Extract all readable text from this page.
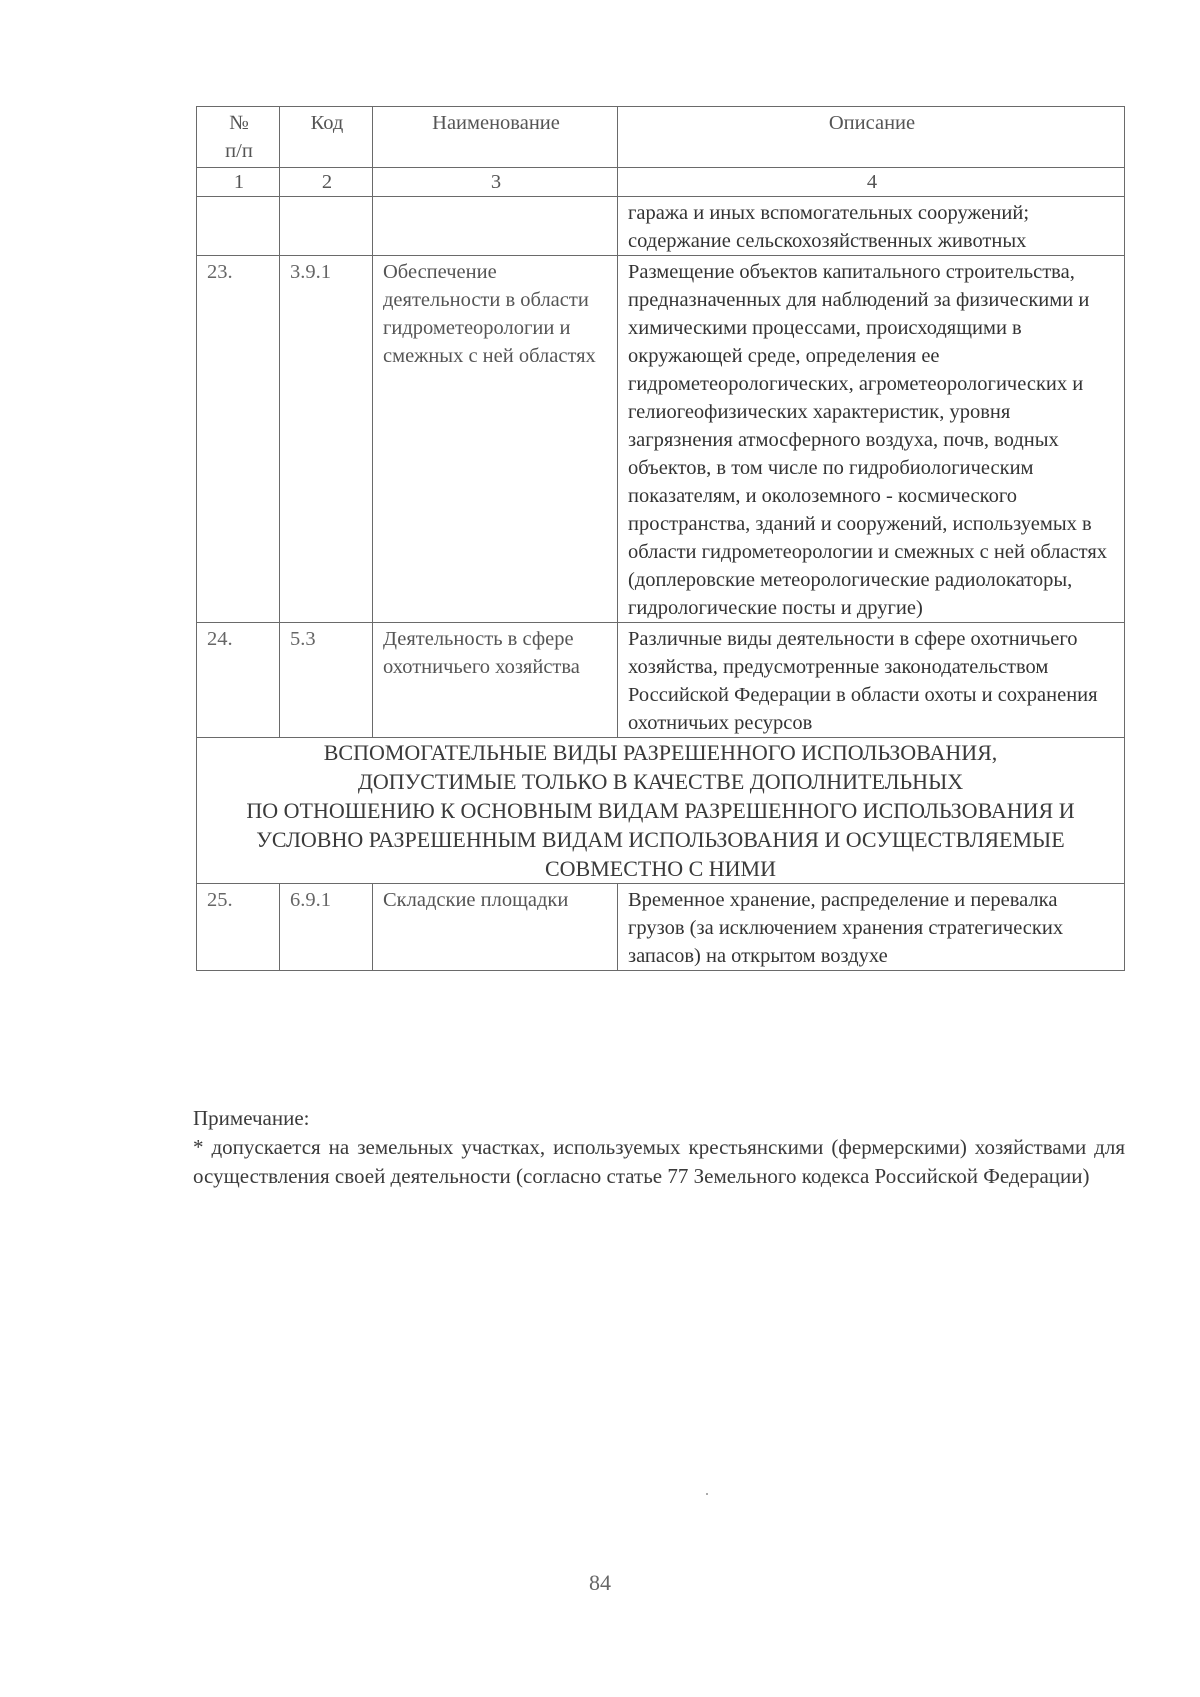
№
п/п	Код	Наименование	Описание
1	2	3	4
			гаража и иных вспомогательных сооружений; содержание сельскохозяйственных животных
23.	3.9.1	Обеспечение деятельности в области гидрометеорологии и смежных с ней областях	Размещение объектов капитального строительства, предназначенных для наблюдений за физическими и химическими процессами, происходящими в окружающей среде, определения ее гидрометеорологических, агрометеорологических и гелиогеофизических характеристик, уровня загрязнения атмосферного воздуха, почв, водных объектов, в том числе по гидробиологическим показателям, и околоземного - космического пространства, зданий и сооружений, используемых в области гидрометеорологии и смежных с ней областях (доплеровские метеорологические радиолокаторы, гидрологические посты и другие)
24.	5.3	Деятельность в сфере охотничьего хозяйства	Различные виды деятельности в сфере охотничьего хозяйства, предусмотренные законодательством Российской Федерации в области охоты и сохранения охотничьих ресурсов

ВСПОМОГАТЕЛЬНЫЕ ВИДЫ РАЗРЕШЕННОГО ИСПОЛЬЗОВАНИЯ,
ДОПУСТИМЫЕ ТОЛЬКО В КАЧЕСТВЕ ДОПОЛНИТЕЛЬНЫХ
ПО ОТНОШЕНИЮ К ОСНОВНЫМ ВИДАМ РАЗРЕШЕННОГО ИСПОЛЬЗОВАНИЯ И
УСЛОВНО РАЗРЕШЕННЫМ ВИДАМ ИСПОЛЬЗОВАНИЯ И ОСУЩЕСТВЛЯЕМЫЕ
СОВМЕСТНО С НИМИ			

25.	6.9.1	Складские площадки	Временное хранение, распределение и перевалка грузов (за исключением хранения стратегических запасов) на открытом воздухе

Примечание:

* допускается на земельных участках, используемых крестьянскими (фермерскими) хозяйствами для осуществления своей деятельности (согласно статье 77 Земельного кодекса Российской Федерации)

84
